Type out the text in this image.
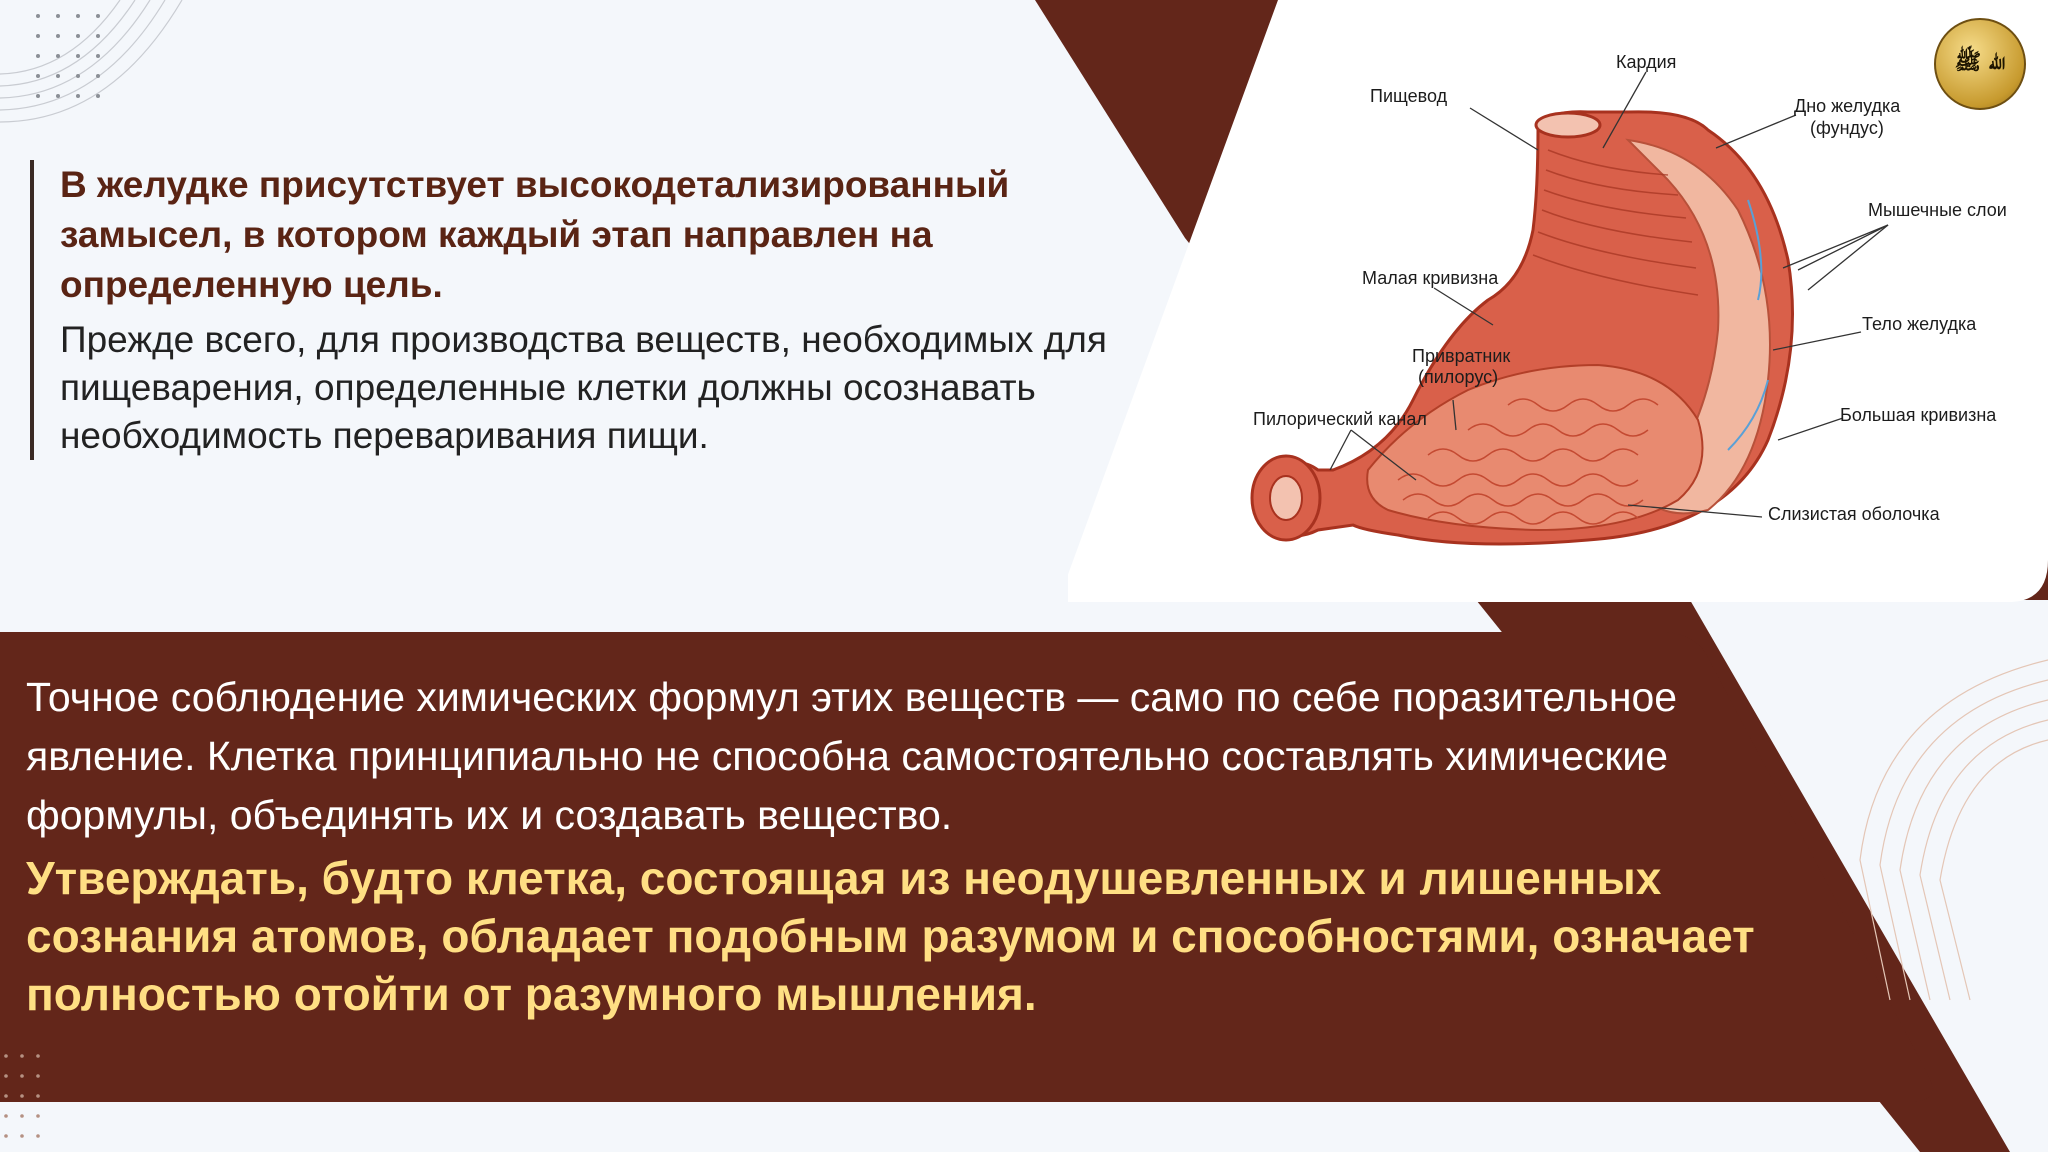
В желудке присутствует высокодетализированный замысел, в котором каждый этап направлен на определенную цель.

Прежде всего, для производства веществ, необходимых для пищеварения, определенные клетки должны осознавать необходимость переваривания пищи.

Кардия
Пищевод	Дно желудка
(фундус)
Мышечные слои
Малая кривизна
Тело желудка
Привратник
(пилорус)
Пилорический канал	Большая кривизна
Слизистая оболочка
ﷲ ﷺ

Точное соблюдение химических формул этих веществ — само по себе поразительное явление. Клетка принципиально не способна самостоятельно составлять химические формулы, объединять их и создавать вещество.

Утверждать, будто клетка, состоящая из неодушевленных и лишенных сознания атомов, обладает подобным разумом и способностями, означает полностью отойти от разумного мышления.
